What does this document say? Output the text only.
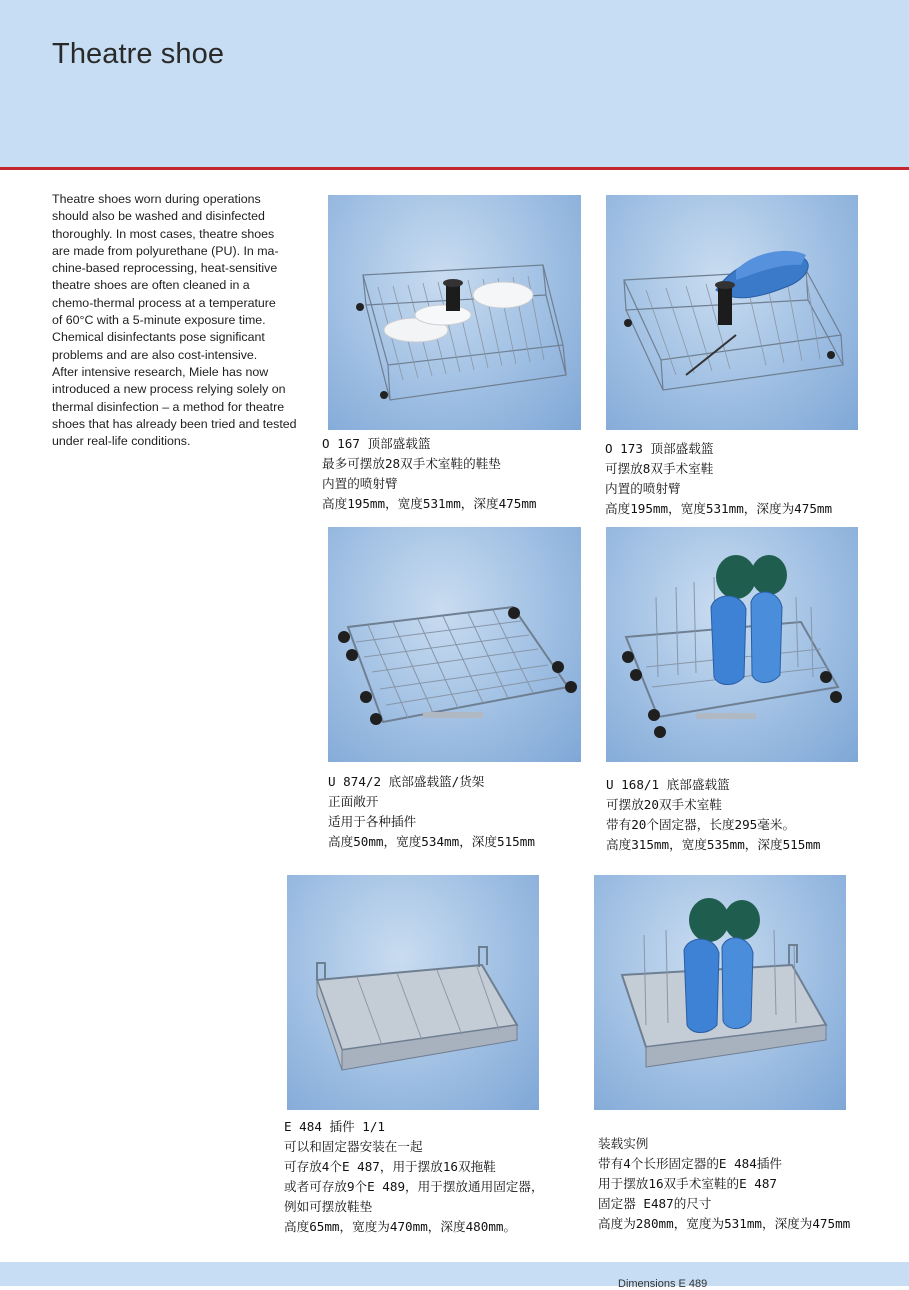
Theatre shoe
Theatre shoes worn during operations
should also be washed and disinfected
thoroughly. In most cases, theatre shoes
are made from polyurethane (PU). In ma-
chine-based reprocessing, heat-sensitive
theatre shoes are often cleaned in a
chemo-thermal process at a temperature
of 60°C with a 5-minute exposure time.
Chemical disinfectants pose significant
problems and are also cost-intensive.
After intensive research, Miele has now
introduced a new process relying solely on
thermal disinfection – a method for theatre
shoes that has already been tried and tested
under real-life conditions.	O 167 顶部盛载篮
最多可摆放28双手术室鞋的鞋垫
内置的喷射臂
高度195mm，宽度531mm，深度475mm
O 173 顶部盛载篮
可摆放8双手术室鞋
内置的喷射臂
高度195mm，宽度531mm，深度为475mm
U 874/2 底部盛载篮/货架
正面敞开
适用于各种插件
高度50mm，宽度534mm，深度515mm
U 168/1 底部盛载篮
可摆放20双手术室鞋
带有20个固定器，长度295毫米。
高度315mm，宽度535mm，深度515mm
E 484 插件 1/1
可以和固定器安装在一起
可存放4个E 487，用于摆放16双拖鞋
或者可存放9个E 489，用于摆放通用固定器，
例如可摆放鞋垫
高度65mm，宽度为470mm，深度480mm。
装载实例
带有4个长形固定器的E 484插件
用于摆放16双手术室鞋的E 487
固定器 E487的尺寸
高度为280mm，宽度为531mm，深度为475mm
Dimensions E 489
